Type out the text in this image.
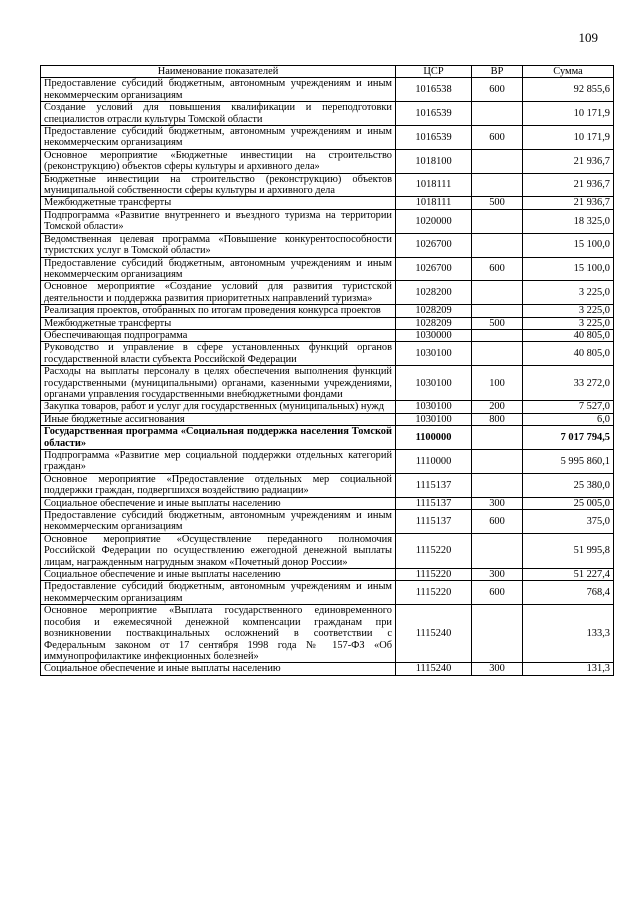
109
Наименование показателей	ЦСР	ВР	Сумма
Предоставление субсидий бюджетным, автономным учреждениям и иным некоммерческим организациям	1016538	600	92 855,6
Создание условий для повышения квалификации и переподготовки специалистов отрасли культуры Томской области	1016539		10 171,9
Предоставление субсидий бюджетным, автономным учреждениям и иным некоммерческим организациям	1016539	600	10 171,9
Основное мероприятие «Бюджетные инвестиции на строительство (реконструкцию) объектов сферы культуры и архивного дела»	1018100		21 936,7
Бюджетные инвестиции на строительство (реконструкцию) объектов муниципальной собственности сферы культуры и архивного дела	1018111		21 936,7
Межбюджетные трансферты	1018111	500	21 936,7
Подпрограмма «Развитие внутреннего и въездного туризма на территории Томской области»	1020000		18 325,0
Ведомственная целевая программа «Повышение конкурентоспособности туристских услуг в Томской области»	1026700		15 100,0
Предоставление субсидий бюджетным, автономным учреждениям и иным некоммерческим организациям	1026700	600	15 100,0
Основное мероприятие «Создание условий для развития туристской деятельности и поддержка развития приоритетных направлений туризма»	1028200		3 225,0
Реализация проектов, отобранных по итогам проведения конкурса проектов	1028209		3 225,0
Межбюджетные трансферты	1028209	500	3 225,0
Обеспечивающая подпрограмма	1030000		40 805,0
Руководство и управление в сфере установленных функций органов государственной власти субъекта Российской Федерации	1030100		40 805,0
Расходы на выплаты персоналу в целях обеспечения выполнения функций государственными (муниципальными) органами, казенными учреждениями, органами управления государственными внебюджетными фондами	1030100	100	33 272,0
Закупка товаров, работ и услуг для государственных (муниципальных) нужд	1030100	200	7 527,0
Иные бюджетные ассигнования	1030100	800	6,0
Государственная программа «Социальная поддержка населения Томской области»	1100000		7 017 794,5
Подпрограмма «Развитие мер социальной поддержки отдельных категорий граждан»	1110000		5 995 860,1
Основное мероприятие «Предоставление отдельных мер социальной поддержки граждан, подвергшихся воздействию радиации»	1115137		25 380,0
Социальное обеспечение и иные выплаты населению	1115137	300	25 005,0
Предоставление субсидий бюджетным, автономным учреждениям и иным некоммерческим организациям	1115137	600	375,0
Основное мероприятие «Осуществление переданного полномочия Российской Федерации по осуществлению ежегодной денежной выплаты лицам, награжденным нагрудным знаком «Почетный донор России»	1115220		51 995,8
Социальное обеспечение и иные выплаты населению	1115220	300	51 227,4
Предоставление субсидий бюджетным, автономным учреждениям и иным некоммерческим организациям	1115220	600	768,4
Основное мероприятие «Выплата государственного единовременного пособия и ежемесячной денежной компенсации гражданам при возникновении поствакцинальных осложнений в соответствии с Федеральным законом от 17 сентября 1998 года № 157-ФЗ «Об иммунопрофилактике инфекционных болезней»	1115240		133,3
Социальное обеспечение и иные выплаты населению	1115240	300	131,3
